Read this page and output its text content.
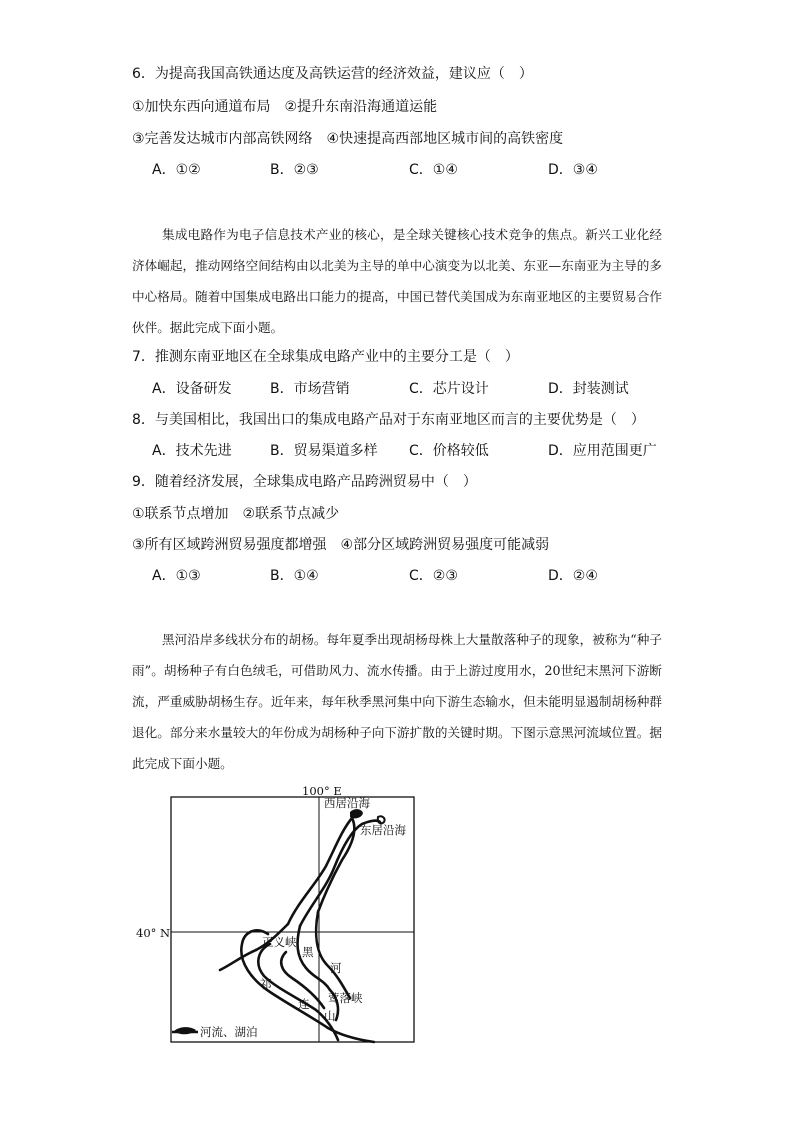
6．为提高我国高铁通达度及高铁运营的经济效益，建议应（　）
①加快东西向通道布局　②提升东南沿海通道运能
③完善发达城市内部高铁网络　④快速提高西部地区城市间的高铁密度
A．①②	B．②③	C．①④	D．③④

集成电路作为电子信息技术产业的核心，是全球关键核心技术竞争的焦点。新兴工业化经济体崛起，推动网络空间结构由以北美为主导的单中心演变为以北美、东亚—东南亚为主导的多中心格局。随着中国集成电路出口能力的提高，中国已替代美国成为东南亚地区的主要贸易合作伙伴。据此完成下面小题。

7．推测东南亚地区在全球集成电路产业中的主要分工是（　）
A．设备研发	B．市场营销	C．芯片设计	D．封装测试
8．与美国相比，我国出口的集成电路产品对于东南亚地区而言的主要优势是（　）
A．技术先进	B．贸易渠道多样 C．价格较低	D．应用范围更广
9．随着经济发展，全球集成电路产品跨洲贸易中（　）
①联系节点增加　②联系节点减少
③所有区域跨洲贸易强度都增强　④部分区域跨洲贸易强度可能减弱
A．①③	B．①④	C．②③	D．②④

黑河沿岸多线状分布的胡杨。每年夏季出现胡杨母株上大量散落种子的现象，被称为“种子雨”。胡杨种子有白色绒毛，可借助风力、流水传播。由于上游过度用水，20世纪末黑河下游断流，严重威胁胡杨生存。近年来，每年秋季黑河集中向下游生态输水，但未能明显遏制胡杨种群退化。部分来水量较大的年份成为胡杨种子向下游扩散的关键时期。下图示意黑河流域位置。据此完成下面小题。

100° E
40° N
西居沿海
东居沿海
正义峡
黑
河
祁
连
山
莺落峡
河流、湖泊
